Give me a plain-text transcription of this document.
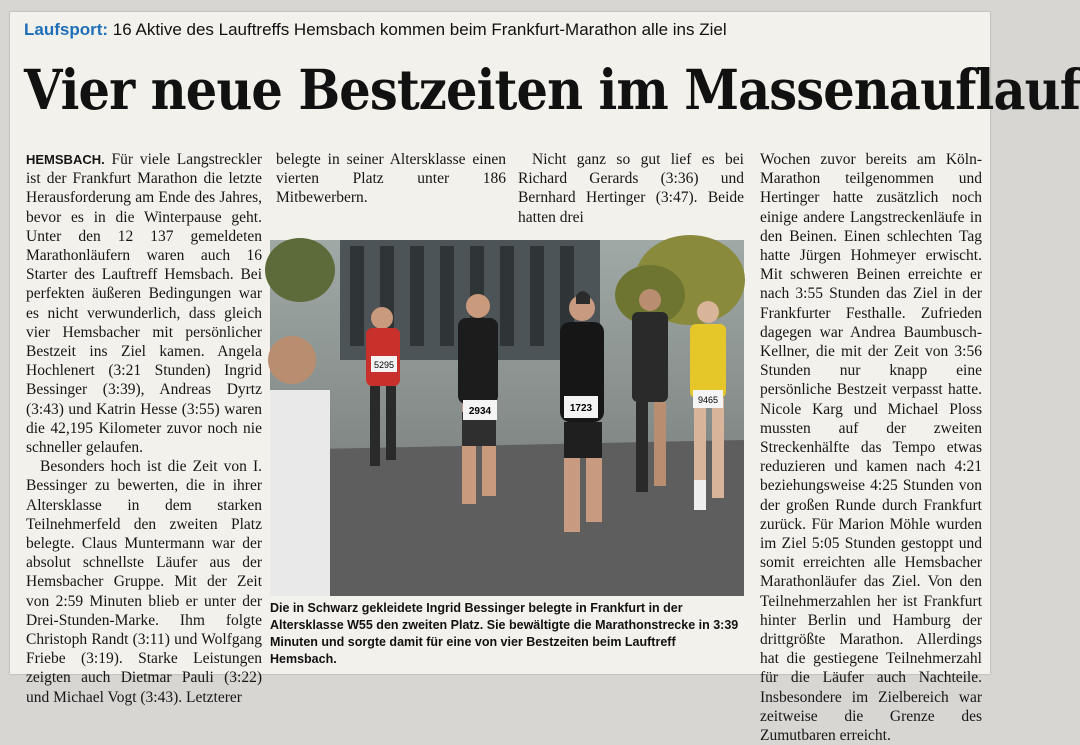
Laufsport: 16 Aktive des Lauftreffs Hemsbach kommen beim Frankfurt-Marathon alle ins Ziel
Vier neue Bestzeiten im Massenauflauf

HEMSBACH. Für viele Langstreckler ist der Frankfurt Marathon die letzte Herausforderung am Ende des Jahres, bevor es in die Winterpause geht. Unter den 12 137 gemeldeten Marathonläufern waren auch 16 Starter des Lauftreff Hemsbach. Bei perfekten äußeren Bedingungen war es nicht verwunderlich, dass gleich vier Hemsbacher mit persönlicher Bestzeit ins Ziel kamen. Angela Hochlenert (3:21 Stunden) Ingrid Bessinger (3:39), Andreas Dyrtz (3:43) und Katrin Hesse (3:55) waren die 42,195 Kilometer zuvor noch nie schneller gelaufen.

Besonders hoch ist die Zeit von I. Bessinger zu bewerten, die in ihrer Altersklasse in dem starken Teilnehmerfeld den zweiten Platz belegte. Claus Muntermann war der absolut schnellste Läufer aus der Hemsbacher Gruppe. Mit der Zeit von 2:59 Minuten blieb er unter der Drei-Stunden-Marke. Ihm folgte Christoph Randt (3:11) und Wolfgang Friebe (3:19). Starke Leistungen zeigten auch Dietmar Pauli (3:22) und Michael Vogt (3:43). Letzterer

belegte in seiner Altersklasse einen vierten Platz unter 186 Mitbewerbern.

Nicht ganz so gut lief es bei Richard Gerards (3:36) und Bernhard Hertinger (3:47). Beide hatten drei

Wochen zuvor bereits am Köln-Marathon teilgenommen und Hertinger hatte zusätzlich noch einige andere Langstreckenläufe in den Beinen. Einen schlechten Tag hatte Jürgen Hohmeyer erwischt. Mit schweren Beinen erreichte er nach 3:55 Stunden das Ziel in der Frankfurter Festhalle. Zufrieden dagegen war Andrea Baumbusch-Kellner, die mit der Zeit von 3:56 Stunden nur knapp eine persönliche Bestzeit verpasst hatte. Nicole Karg und Michael Ploss mussten auf der zweiten Streckenhälfte das Tempo etwas reduzieren und kamen nach 4:21 beziehungsweise 4:25 Stunden von der großen Runde durch Frankfurt zurück. Für Marion Möhle wurden im Ziel 5:05 Stunden gestoppt und somit erreichten alle Hemsbacher Marathonläufer das Ziel. Von den Teilnehmerzahlen her ist Frankfurt hinter Berlin und Hamburg der drittgrößte Marathon. Allerdings hat die gestiegene Teilnehmerzahl für die Läufer auch Nachteile. Insbesondere im Zielbereich war zeitweise die Grenze des Zumutbaren erreicht.

5295
2934	1723
9465
Die in Schwarz gekleidete Ingrid Bessinger belegte in Frankfurt in der Altersklasse W55 den zweiten Platz. Sie bewältigte die Marathonstrecke in 3:39 Minuten und sorgte damit für eine von vier Bestzeiten beim Lauftreff Hemsbach.
